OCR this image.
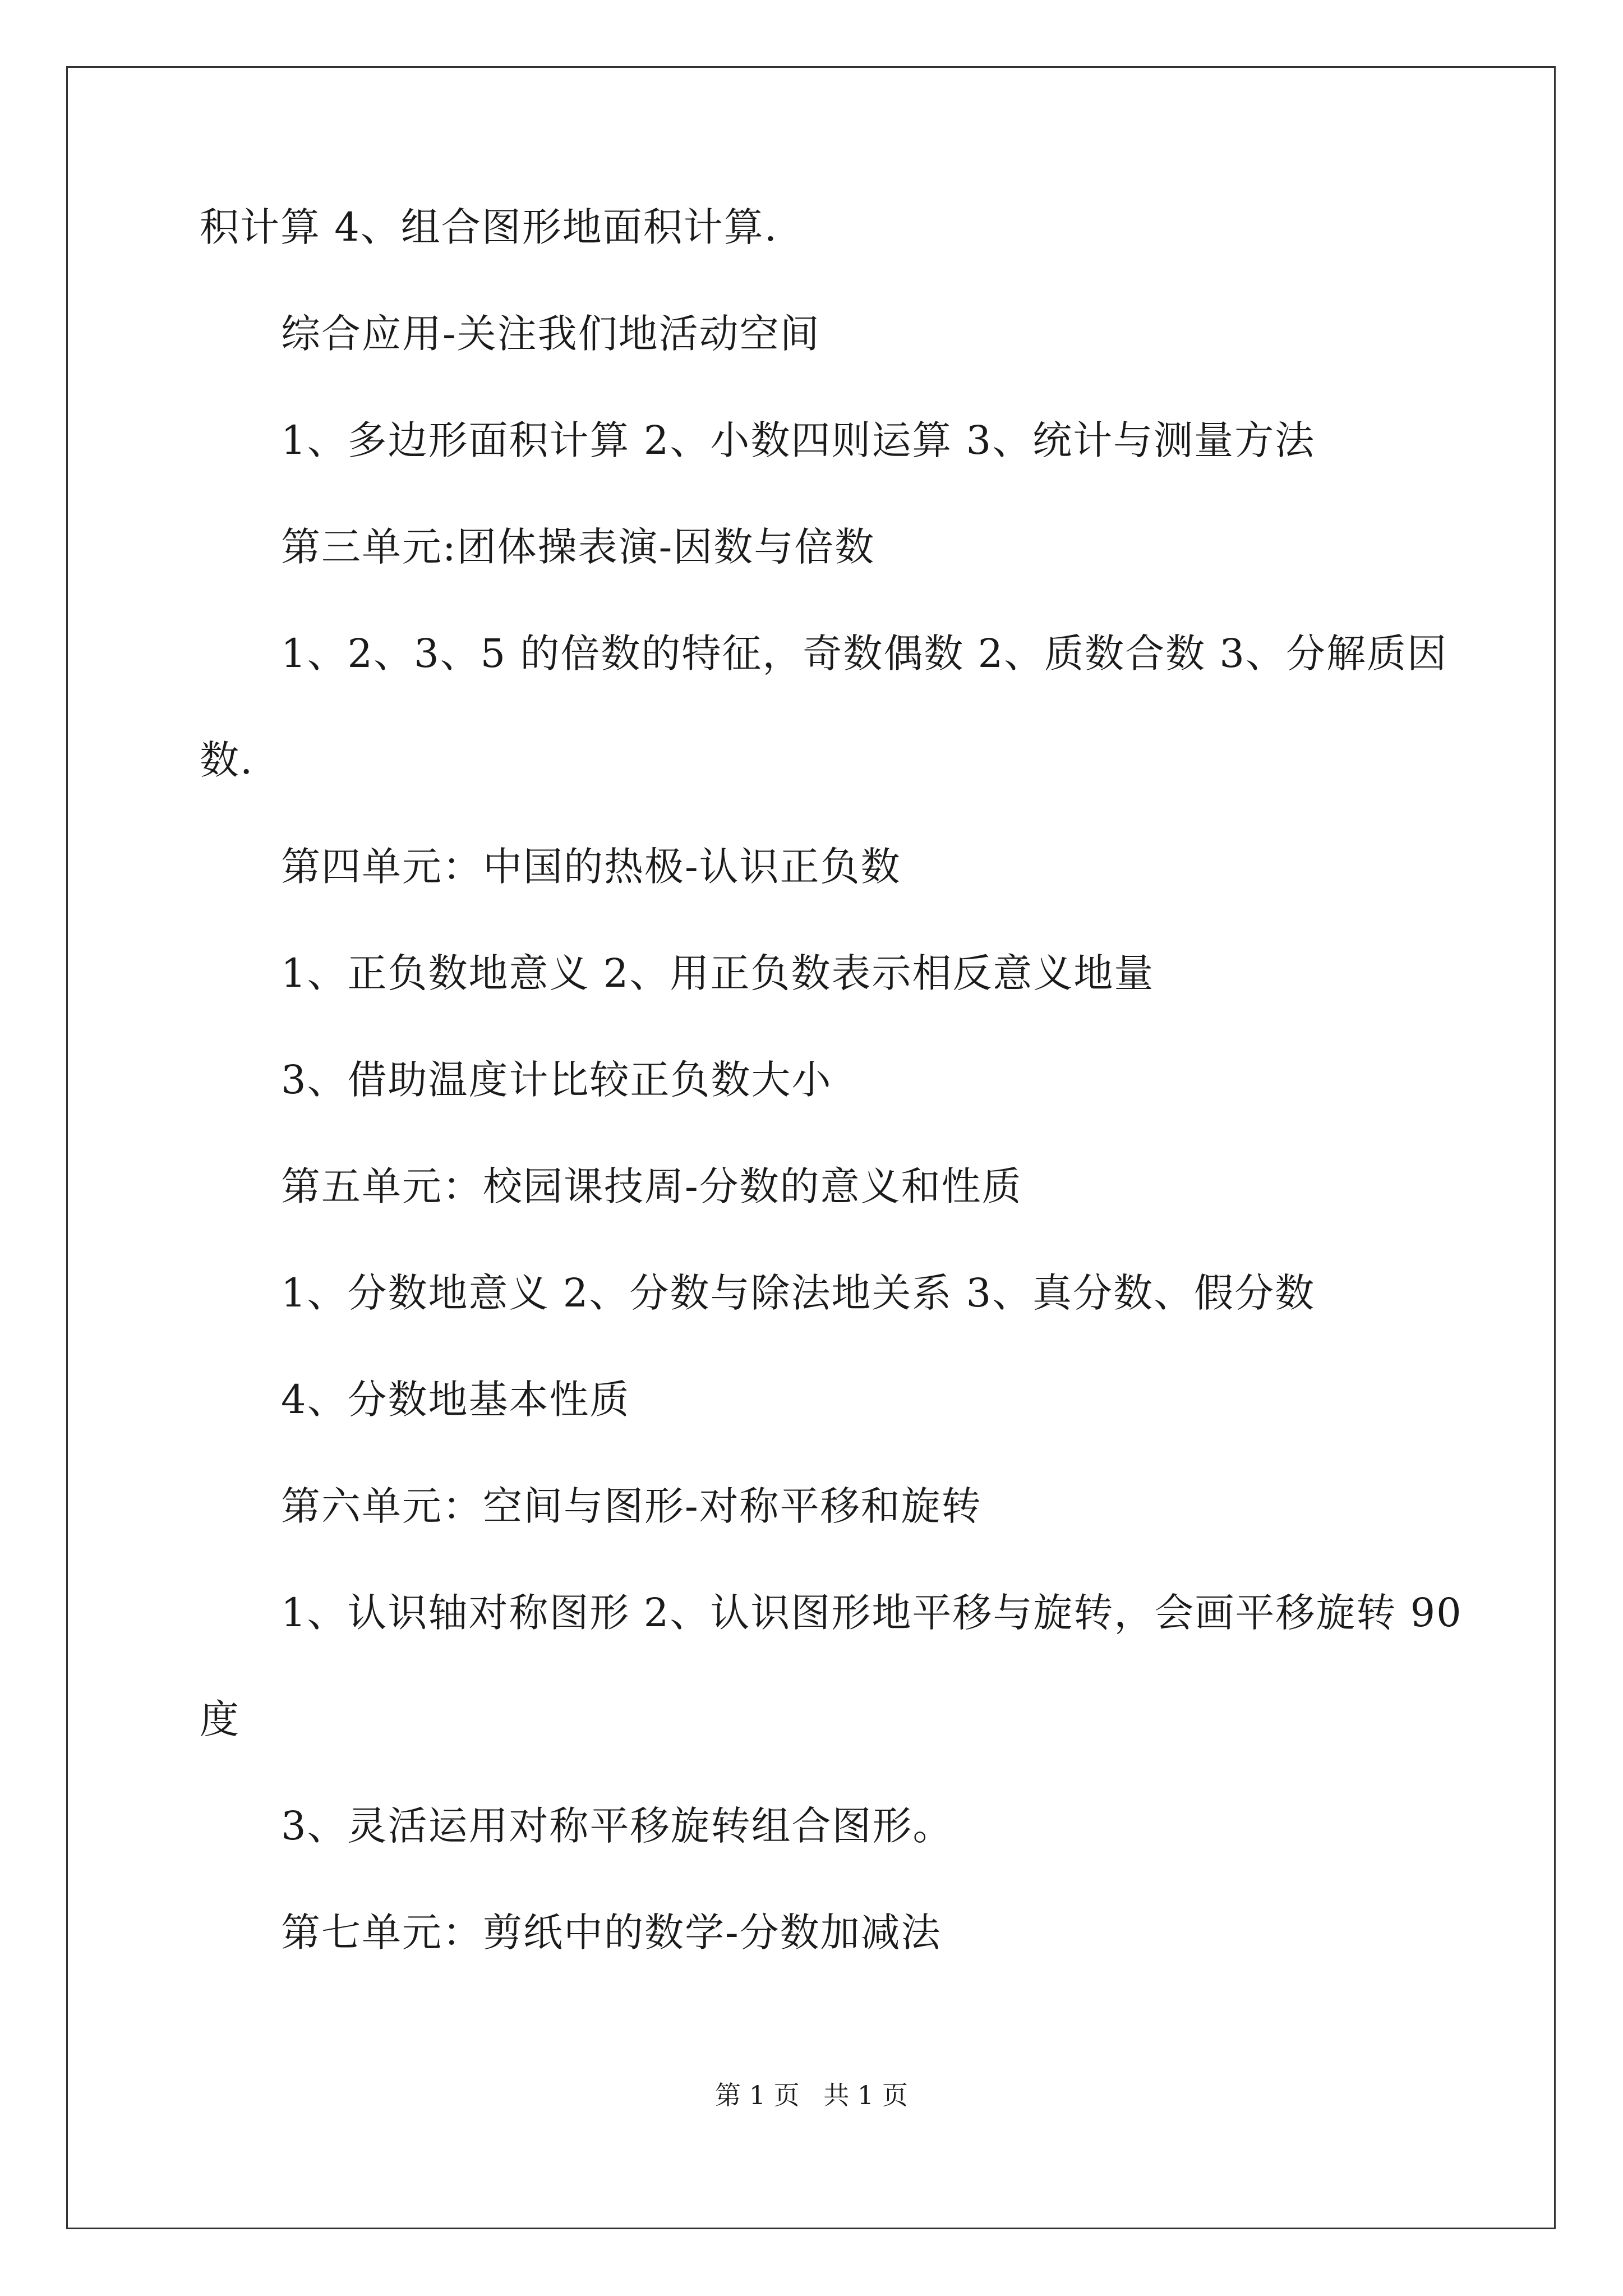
积计算 4、组合图形地面积计算.
综合应用-关注我们地活动空间
1、多边形面积计算 2、小数四则运算 3、统计与测量方法
第三单元:团体操表演-因数与倍数
1、2、3、5 的倍数的特征，奇数偶数 2、质数合数 3、分解质因
数.
第四单元：中国的热极-认识正负数
1、正负数地意义 2、用正负数表示相反意义地量
3、借助温度计比较正负数大小
第五单元：校园课技周-分数的意义和性质
1、分数地意义 2、分数与除法地关系 3、真分数、假分数
4、分数地基本性质
第六单元：空间与图形-对称平移和旋转
1、认识轴对称图形 2、认识图形地平移与旋转，会画平移旋转 90
度
3、灵活运用对称平移旋转组合图形。
第七单元：剪纸中的数学-分数加减法
第 1 页 共 1 页
